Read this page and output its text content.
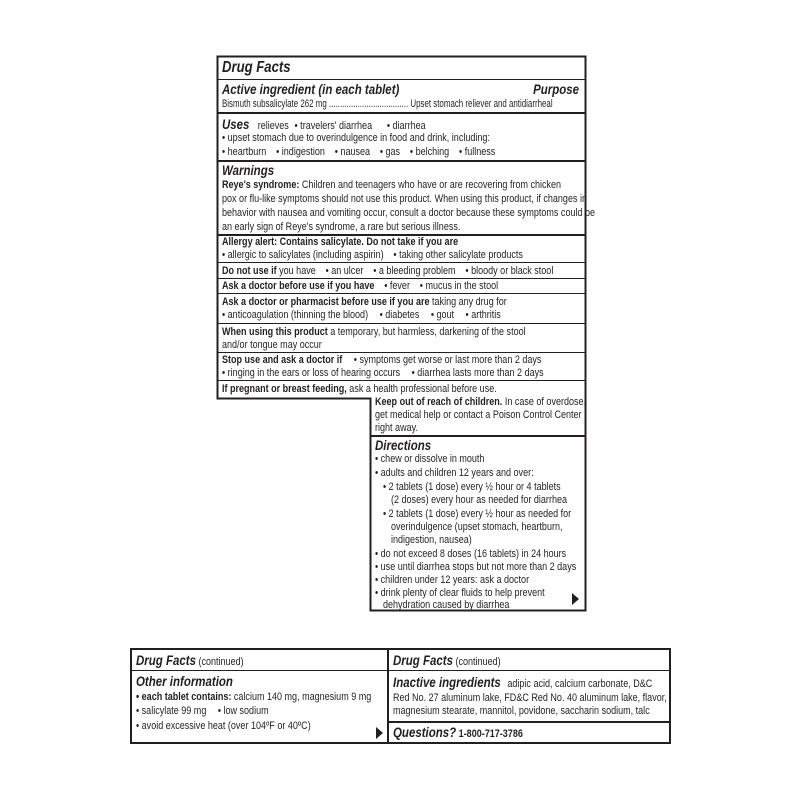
Drug Facts
Active ingredient (in each tablet)	Purpose
Bismuth subsalicylate 262 mg .................................... Upset stomach reliever and antidiarrheal
Uses relieves • travelers' diarrhea • diarrhea
• upset stomach due to overindulgence in food and drink, including:
• heartburn • indigestion • nausea • gas • belching • fullness
Warnings
Reye's syndrome: Children and teenagers who have or are recovering from chicken
pox or flu-like symptoms should not use this product. When using this product, if changes in
behavior with nausea and vomiting occur, consult a doctor because these symptoms could be
an early sign of Reye's syndrome, a rare but serious illness.
Allergy alert: Contains salicylate. Do not take if you are
• allergic to salicylates (including aspirin) • taking other salicylate products
Do not use if you have • an ulcer • a bleeding problem • bloody or black stool
Ask a doctor before use if you have • fever • mucus in the stool
Ask a doctor or pharmacist before use if you are taking any drug for
• anticoagulation (thinning the blood) • diabetes • gout • arthritis
When using this product a temporary, but harmless, darkening of the stool
and/or tongue may occur
Stop use and ask a doctor if • symptoms get worse or last more than 2 days
• ringing in the ears or loss of hearing occurs • diarrhea lasts more than 2 days
If pregnant or breast feeding, ask a health professional before use.
Keep out of reach of children. In case of overdose,
get medical help or contact a Poison Control Center
right away.
Directions
• chew or dissolve in mouth
• adults and children 12 years and over:
• 2 tablets (1 dose) every ½ hour or 4 tablets
(2 doses) every hour as needed for diarrhea
• 2 tablets (1 dose) every ½ hour as needed for
overindulgence (upset stomach, heartburn,
indigestion, nausea)
• do not exceed 8 doses (16 tablets) in 24 hours
• use until diarrhea stops but not more than 2 days
• children under 12 years: ask a doctor
• drink plenty of clear fluids to help prevent
dehydration caused by diarrhea
Drug Facts (continued)
Other information
• each tablet contains: calcium 140 mg, magnesium 9 mg
• salicylate 99 mg • low sodium
• avoid excessive heat (over 104ºF or 40ºC)
Drug Facts (continued)
Inactive ingredients adipic acid, calcium carbonate, D&C
Red No. 27 aluminum lake, FD&C Red No. 40 aluminum lake, flavor,
magnesium stearate, mannitol, povidone, saccharin sodium, talc
Questions? 1-800-717-3786
